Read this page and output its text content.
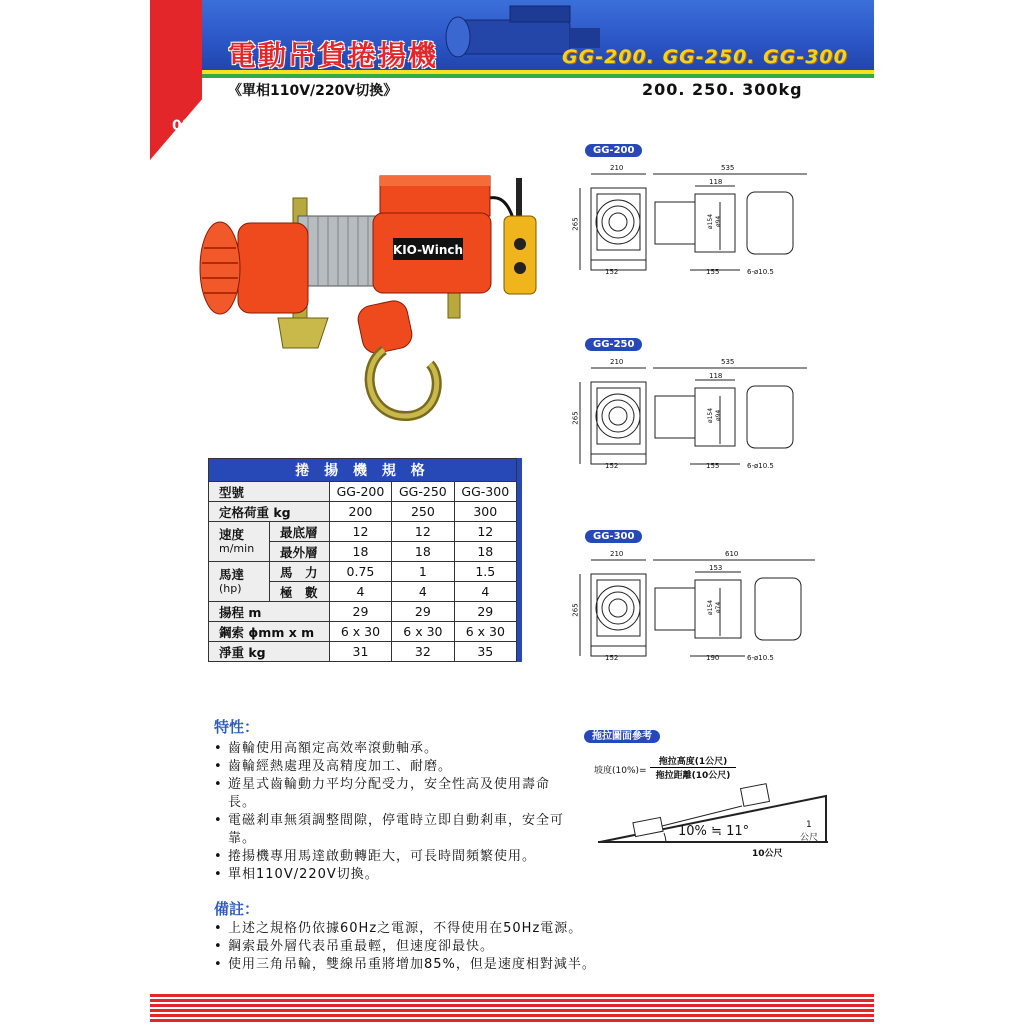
電動吊貨捲揚機	GG-200. GG-250. GG-300
01
《單相110V/220V切換》	200. 250. 300kg
KIO-Winch
GG-200
210	535
118
265	ø154 ø94
152	155	6-ø10.5
GG-250
210	535
118
265	ø154 ø94
152	155	6-ø10.5
GG-300
210	610
153
265	ø154 ø74
152	190	6-ø10.5
捲 揚 機 規 格					
型號		GG-200	GG-250	GG-300	
定格荷重 kg		200	250	300	

速度
m/min	最底層	12	12	12	
	最外層	18	18	18	

馬達
(hp)	馬　力	0.75	1	1.5	
	極　數	4	4	4	
揚程 m		29	29	29	
鋼索 ϕmm x m		6 x 30	6 x 30	6 x 30	
淨重 kg		31	32	35	
特性：
• 齒輪使用高額定高效率滾動軸承。
• 齒輪經熱處理及高精度加工、耐磨。
• 遊星式齒輪動力平均分配受力，安全性高及使用壽命長。
• 電磁剎車無須調整間隙，停電時立即自動剎車，安全可靠。
• 捲揚機專用馬達啟動轉距大，可長時間頻繁使用。
• 單相110V/220V切換。
備註：
• 上述之規格仍依據60Hz之電源，不得使用在50Hz電源。
• 鋼索最外層代表吊重最輕，但速度卻最快。
• 使用三角吊輪，雙線吊重將增加85%，但是速度相對減半。
拖拉圖面參考
坡度(10%)=
拖拉高度(1公尺)
拖拉距離(10公尺)
10% ≒ 11°	1
公尺
10公尺
